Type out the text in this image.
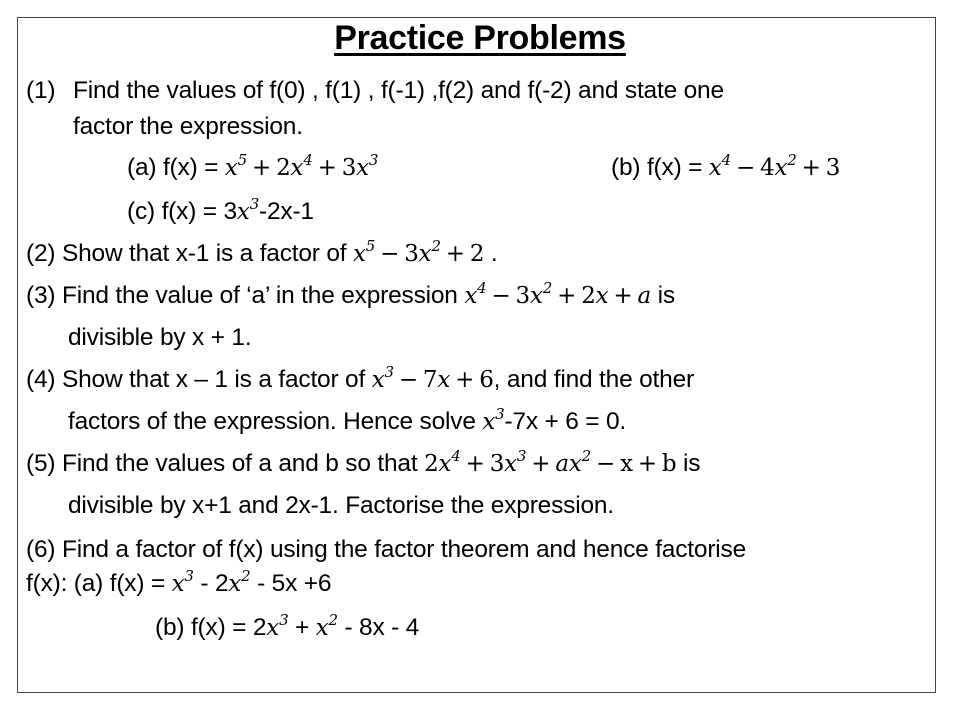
Practice Problems
(1) Find the values of f(0) , f(1) , f(-1) ,f(2) and f(-2) and state one
factor the expression.
(a) $f(x) = x^5 + 2x^4 + 3x^3$	(b) $f(x) = x^4 - 4x^2 + 3$
(c) $f(x) = 3x^3-2x-1$
(2) Show that x-1 is a factor of $x^5 - 3x^2 + 2$ .
(3) Find the value of ‘a’ in the expression $x^4 - 3x^2 + 2x + a$ is
divisible by x + 1.
(4) Show that x – 1 is a factor of $x^3 - 7x + 6$, and find the other
factors of the expression. Hence solve $x^3-7x + 6 = 0$.
(5) Find the values of a and b so that $2x^4 + 3x^3 + ax^2 - x + b$ is
divisible by x+1 and 2x-1. Factorise the expression.
(6) Find a factor of f(x) using the factor theorem and hence factorise
f(x): (a) $f(x) = x^3 - 2x^2 - 5x +6$
(b) $f(x) = 2x^3 + x^2 - 8x - 4$
